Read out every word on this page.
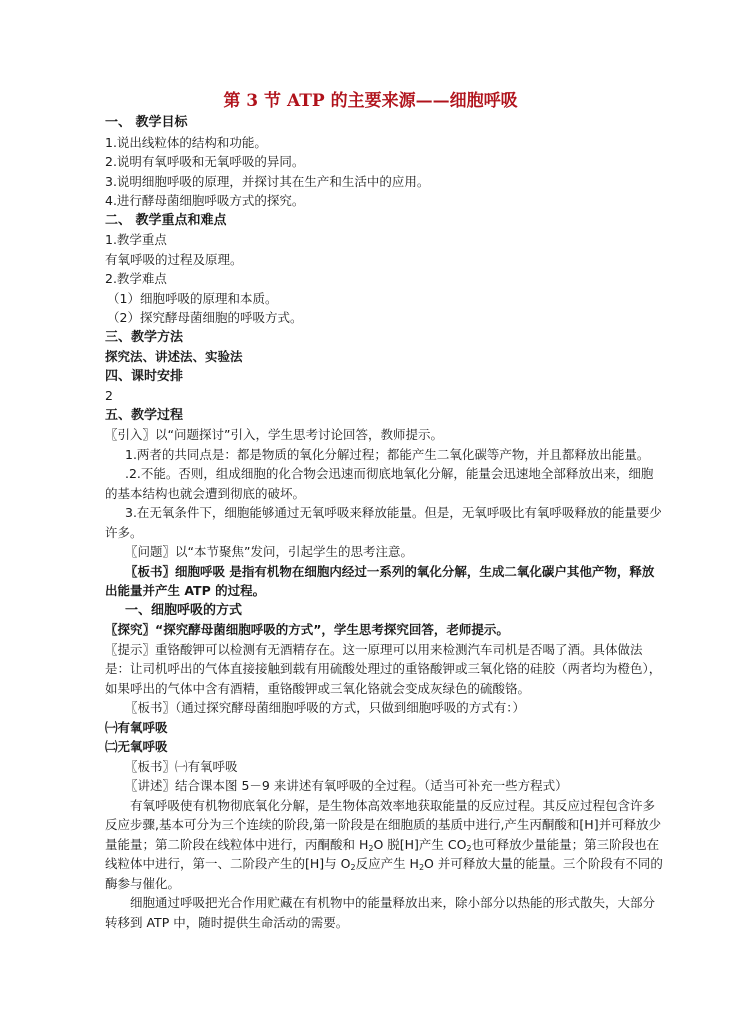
第 3 节 ATP 的主要来源——细胞呼吸

一、 教学目标

1.说出线粒体的结构和功能。

2.说明有氧呼吸和无氧呼吸的异同。

3.说明细胞呼吸的原理，并探讨其在生产和生活中的应用。

4.进行酵母菌细胞呼吸方式的探究。

二、 教学重点和难点

1.教学重点

有氧呼吸的过程及原理。

2.教学难点

（1）细胞呼吸的原理和本质。

（2）探究酵母菌细胞的呼吸方式。

三、教学方法

探究法、讲述法、实验法

四、课时安排

2

五、教学过程

〖引入〗以“问题探讨”引入，学生思考讨论回答，教师提示。

1.两者的共同点是：都是物质的氧化分解过程；都能产生二氧化碳等产物，并且都释放出能量。

.2.不能。否则，组成细胞的化合物会迅速而彻底地氧化分解，能量会迅速地全部释放出来，细胞的基本结构也就会遭到彻底的破坏。

3.在无氧条件下，细胞能够通过无氧呼吸来释放能量。但是，无氧呼吸比有氧呼吸释放的能量要少许多。

〖问题〗以“本节聚焦”发问，引起学生的思考注意。

〖板书〗细胞呼吸 是指有机物在细胞内经过一系列的氧化分解，生成二氧化碳户其他产物，释放出能量并产生 ATP 的过程。

一、细胞呼吸的方式

〖探究〗“探究酵母菌细胞呼吸的方式”，学生思考探究回答，老师提示。

〖提示〗重铬酸钾可以检测有无酒精存在。这一原理可以用来检测汽车司机是否喝了酒。具体做法是：让司机呼出的气体直接接触到载有用硫酸处理过的重铬酸钾或三氧化铬的硅胶（两者均为橙色），如果呼出的气体中含有酒精，重铬酸钾或三氧化铬就会变成灰绿色的硫酸铬。

〖板书〗（通过探究酵母菌细胞呼吸的方式，只做到细胞呼吸的方式有：）

㈠有氧呼吸

㈡无氧呼吸

〖板书〗㈠有氧呼吸

〖讲述〗结合课本图 5－9 来讲述有氧呼吸的全过程。（适当可补充一些方程式）

有氧呼吸使有机物彻底氧化分解，是生物体高效率地获取能量的反应过程。其反应过程包含许多反应步骤,基本可分为三个连续的阶段,第一阶段是在细胞质的基质中进行,产生丙酮酸和[H]并可释放少量能量；第二阶段在线粒体中进行，丙酮酸和 $H_2O$ 脱[H]产生 $CO_2$也可释放少量能量；第三阶段也在线粒体中进行，第一、二阶段产生的[H]与 $O_2$反应产生 $H_2O$ 并可释放大量的能量。三个阶段有不同的酶参与催化。

细胞通过呼吸把光合作用贮藏在有机物中的能量释放出来，除小部分以热能的形式散失，大部分转移到 ATP 中，随时提供生命活动的需要。
